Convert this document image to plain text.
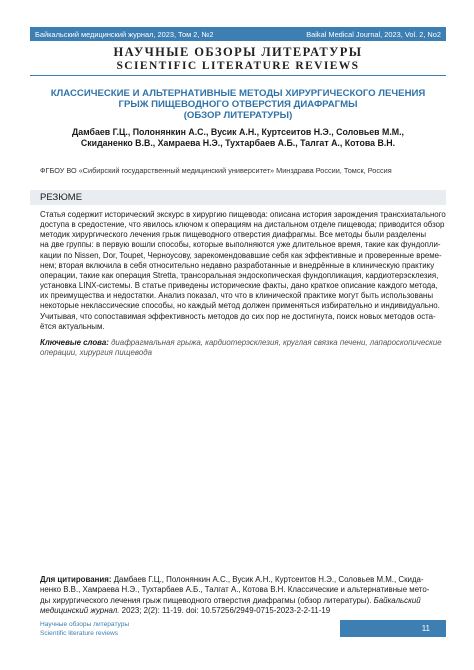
Байкальский медицинский журнал, 2023, Том 2, №2	Baikal Medical Journal, 2023, Vol. 2, No2
НАУЧНЫЕ ОБЗОРЫ ЛИТЕРАТУРЫ
SCIENTIFIC LITERATURE REVIEWS
КЛАССИЧЕСКИЕ И АЛЬТЕРНАТИВНЫЕ МЕТОДЫ ХИРУРГИЧЕСКОГО ЛЕЧЕНИЯ
ГРЫЖ ПИЩЕВОДНОГО ОТВЕРСТИЯ ДИАФРАГМЫ
(ОБЗОР ЛИТЕРАТУРЫ)
Дамбаев Г.Ц., Полонянкин А.С., Вусик А.Н., Куртсеитов Н.Э., Соловьев М.М.,
Скиданенко В.В., Хамраева Н.Э., Тухтарбаев А.Б., Талгат А., Котова В.Н.
ФГБОУ ВО «Сибирский государственный медицинский университет» Минздрава России, Томск, Россия
РЕЗЮМЕ
Статья содержит исторический экскурс в хирургию пищевода: описана история зарождения трансхиатального
доступа в средостение, что явилось ключом к операциям на дистальном отделе пищевода; приводится обзор
методик хирургического лечения грыж пищеводного отверстия диафрагмы. Все методы были разделены
на две группы: в первую вошли способы, которые выполняются уже длительное время, такие как фундопли-
кации по Nissen, Dor, Toupet, Черноусову, зарекомендовавшие себя как эффективные и проверенные време-
нем; вторая включила в себя относительно недавно разработанные и внедрённые в клиническую практику
операции, такие как операция Stretta, трансоральная эндоскопическая фундопликация, кардиотерэсклезия,
установка LINX-системы. В статье приведены исторические факты, дано краткое описание каждого метода,
их преимущества и недостатки. Анализ показал, что что в клинической практике могут быть использованы
некоторые неклассические способы, но каждый метод должен применяться избирательно и индивидуально.
Учитывая, что сопоставимая эффективность методов до сих пор не достигнута, поиск новых методов оста-
ётся актуальным.
Ключевые слова: диафрагмальная грыжа, кардиотерэсклезия, круглая связка печени, лапароскопические
операции, хирургия пищевода
Для цитирования: Дамбаев Г.Ц., Полонянкин А.С., Вусик А.Н., Куртсеитов Н.Э., Соловьев М.М., Скида-
ненко В.В., Хамраева Н.Э., Тухтарбаев А.Б., Талгат А., Котова В.Н. Классические и альтернативные мето-
ды хирургического лечения грыж пищеводного отверстия диафрагмы (обзор литературы). Байкальский
медицинский журнал. 2023; 2(2): 11-19. doi: 10.57256/2949-0715-2023-2-2-11-19
Научные обзоры литературы
Scientific literature reviews	11
